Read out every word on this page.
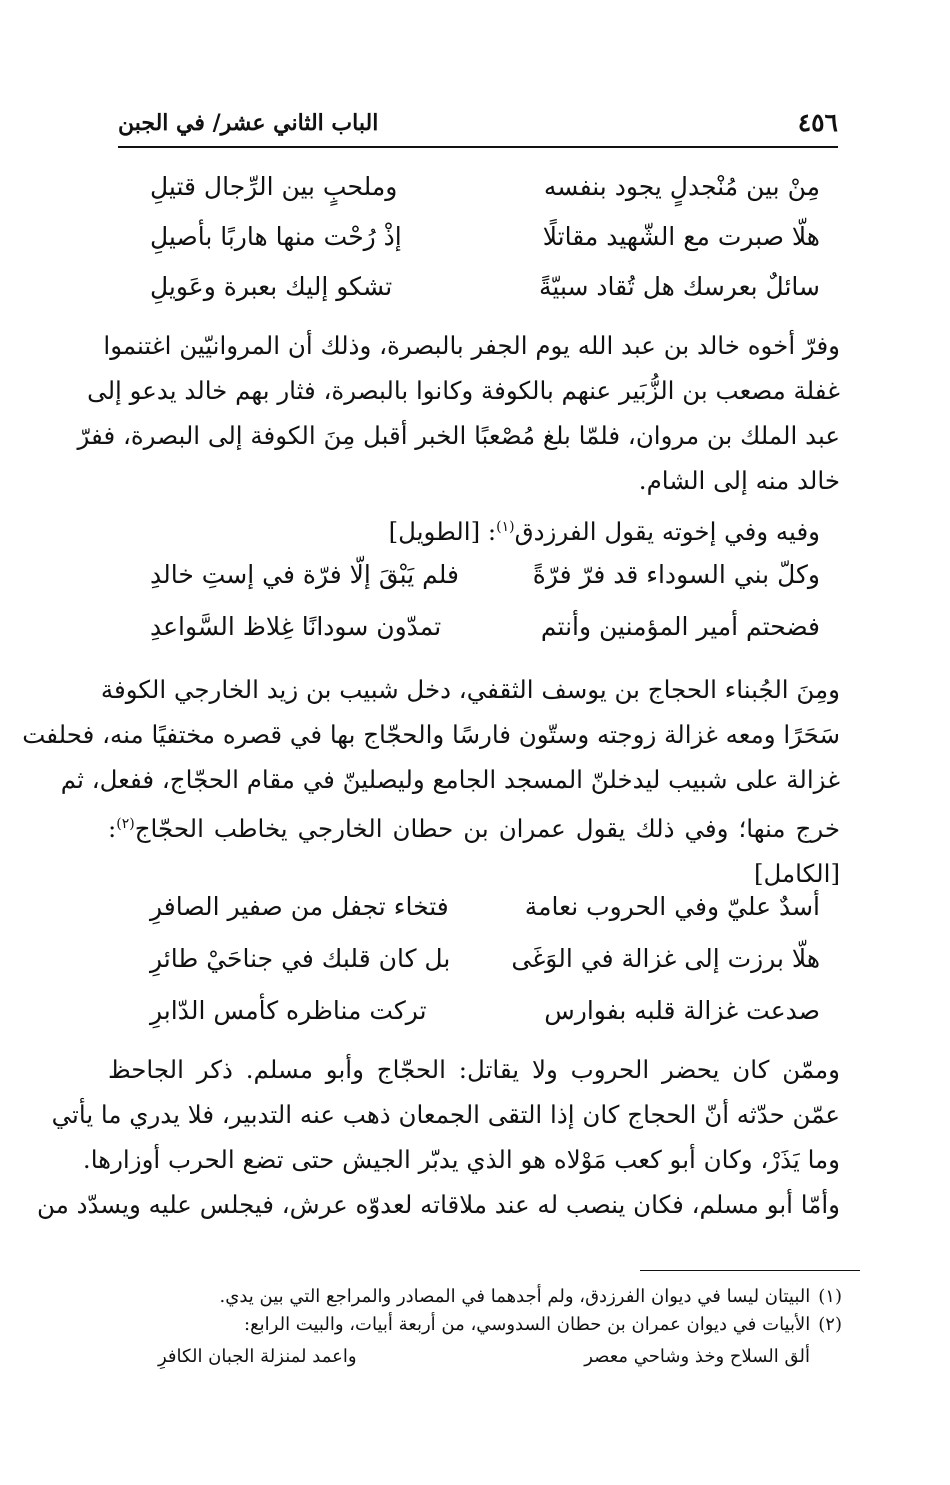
٤٥٦
الباب الثاني عشر/ في الجبن
مِنْ بين مُنْجدلٍ يجود بنفسه
وملحبٍ بين الرِّجال قتيلِ
هلّا صبرت مع الشّهيد مقاتلًا
إذْ رُحْت منها هاربًا بأصيلِ
سائلٌ بعرسك هل تُقاد سبيّةً
تشكو إليك بعبرة وعَويلِ
وفرّ أخوه خالد بن عبد الله يوم الجفر بالبصرة، وذلك أن المروانيّين اغتنموا
غفلة مصعب بن الزُّبَير عنهم بالكوفة وكانوا بالبصرة، فثار بهم خالد يدعو إلى
عبد الملك بن مروان، فلمّا بلغ مُصْعبًا الخبر أقبل مِنَ الكوفة إلى البصرة، ففرّ
خالد منه إلى الشام.
وفيه وفي إخوته يقول الفرزدق$^{(١)}$: [الطويل]
وكلّ بني السوداء قد فرّ فرّةً
فلم يَبْقَ إلّا فرّة في إستِ خالدِ
فضحتم أمير المؤمنين وأنتم
تمدّون سودانًا غِلاظ السَّواعدِ
ومِنَ الجُبناء الحجاج بن يوسف الثقفي، دخل شبيب بن زيد الخارجي الكوفة
سَحَرًا ومعه غزالة زوجته وستّون فارسًا والحجّاج بها في قصره مختفيًا منه، فحلفت
غزالة على شبيب ليدخلنّ المسجد الجامع وليصلينّ في مقام الحجّاج، ففعل، ثم
خرج منها؛ وفي ذلك يقول عمران بن حطان الخارجي يخاطب الحجّاج$^{(٢)}$:
[الكامل]
أسدٌ عليّ وفي الحروب نعامة
فتخاء تجفل من صفير الصافرِ
هلّا برزت إلى غزالة في الوَغَى
بل كان قلبك في جناحَيْ طائرِ
صدعت غزالة قلبه بفوارس
تركت مناظره كأمس الدّابرِ
وممّن كان يحضر الحروب ولا يقاتل: الحجّاج وأبو مسلم. ذكر الجاحظ
عمّن حدّثه أنّ الحجاج كان إذا التقى الجمعان ذهب عنه التدبير، فلا يدري ما يأتي
وما يَذَرْ، وكان أبو كعب مَوْلاه هو الذي يدبّر الجيش حتى تضع الحرب أوزارها.
وأمّا أبو مسلم، فكان ينصب له عند ملاقاته لعدوّه عرش، فيجلس عليه ويسدّد من
(١)البيتان ليسا في ديوان الفرزدق، ولم أجدهما في المصادر والمراجع التي بين يدي.
(٢)الأبيات في ديوان عمران بن حطان السدوسي، من أربعة أبيات، والبيت الرابع:
ألق السلاح وخذ وشاحي معصر
واعمد لمنزلة الجبان الكافرِ
